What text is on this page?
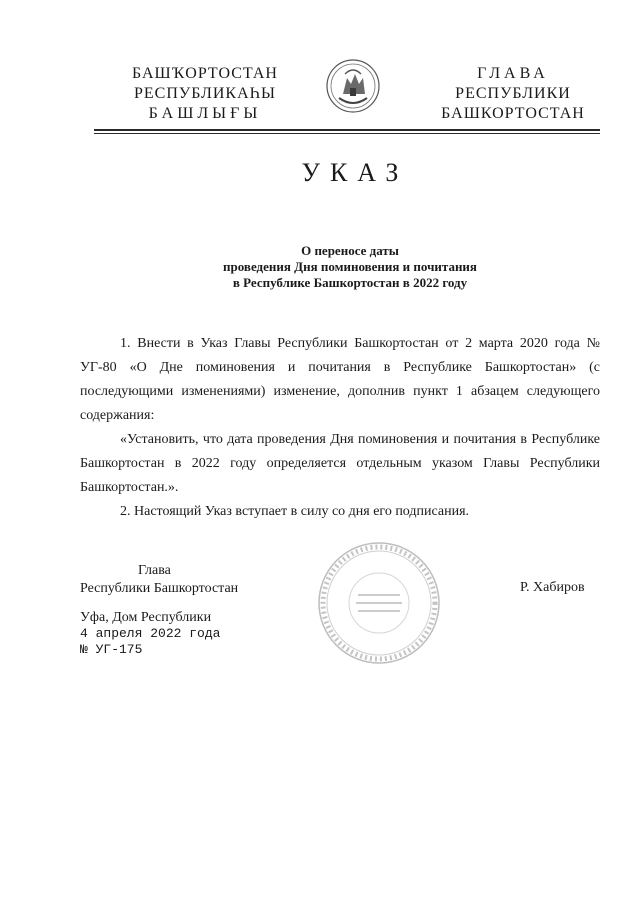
БАШҠОРТОСТАН
РЕСПУБЛИКАҺЫ
БАШЛЫҒЫ
ГЛАВА
РЕСПУБЛИКИ
БАШКОРТОСТАН
УКАЗ
О переносе даты
проведения Дня поминовения и почитания
в Республике Башкортостан в 2022 году

1. Внести в Указ Главы Республики Башкортостан от 2 марта 2020 года № УГ-80 «О Дне поминовения и почитания в Республике Башкортостан» (с последующими изменениями) изменение, дополнив пункт 1 абзацем следующего содержания:

«Установить, что дата проведения Дня поминовения и почитания в Республике Башкортостан в 2022 году определяется отдельным указом Главы Республики Башкортостан.».

2. Настоящий Указ вступает в силу со дня его подписания.

Глава
Республики Башкортостан	Р. Хабиров
Уфа, Дом Республики
4 апреля 2022 года
№ УГ-175
